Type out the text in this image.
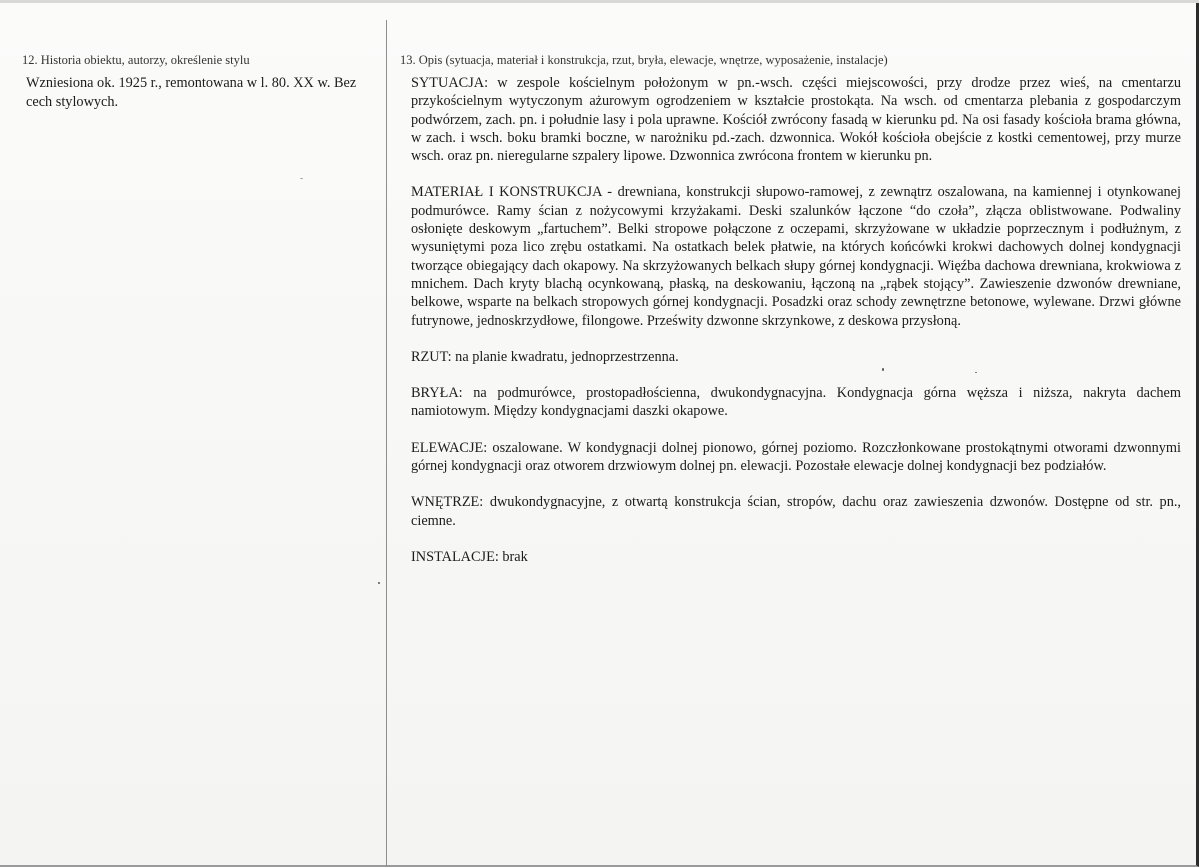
12. Historia obiektu, autorzy, określenie stylu

Wzniesiona ok. 1925 r., remontowana w l. 80. XX w. Bez cech stylowych.

13. Opis (sytuacja, materiał i konstrukcja, rzut, bryła, elewacje, wnętrze, wyposażenie, instalacje)

SYTUACJA: w zespole kościelnym położonym w pn.-wsch. części miejscowości, przy drodze przez wieś, na cmentarzu przykościelnym wytyczonym ażurowym ogrodzeniem w kształcie prostokąta. Na wsch. od cmentarza plebania z gospodarczym podwórzem, zach. pn. i południe lasy i pola uprawne. Kościół zwrócony fasadą w kierunku pd. Na osi fasady kościoła brama główna, w zach. i wsch. boku bramki boczne, w narożniku pd.-zach. dzwonnica. Wokół kościoła obejście z kostki cementowej, przy murze wsch. oraz pn. nieregularne szpalery lipowe. Dzwonnica zwrócona frontem w kierunku pn.

MATERIAŁ I KONSTRUKCJA - drewniana, konstrukcji słupowo-ramowej, z zewnątrz oszalowana, na kamiennej i otynkowanej podmurówce. Ramy ścian z nożycowymi krzyżakami. Deski szalunków łączone “do czoła”, złącza oblistwowane. Podwaliny osłonięte deskowym „fartuchem”. Belki stropowe połączone z oczepami, skrzyżowane w układzie poprzecznym i podłużnym, z wysuniętymi poza lico zrębu ostatkami. Na ostatkach belek płatwie, na których końcówki krokwi dachowych dolnej kondygnacji tworzące obiegający dach okapowy. Na skrzyżowanych belkach słupy górnej kondygnacji. Więźba dachowa drewniana, krokwiowa z mnichem. Dach kryty blachą ocynkowaną, płaską, na deskowaniu, łączoną na „rąbek stojący”. Zawieszenie dzwonów drewniane, belkowe, wsparte na belkach stropowych górnej kondygnacji. Posadzki oraz schody zewnętrzne betonowe, wylewane. Drzwi główne futrynowe, jednoskrzydłowe, filongowe. Prześwity dzwonne skrzynkowe, z deskowa przysłoną.

RZUT: na planie kwadratu, jednoprzestrzenna.

BRYŁA: na podmurówce, prostopadłościenna, dwukondygnacyjna. Kondygnacja górna węższa i niższa, nakryta dachem namiotowym. Między kondygnacjami daszki okapowe.

ELEWACJE: oszalowane. W kondygnacji dolnej pionowo, górnej poziomo. Rozczłonkowane prostokątnymi otworami dzwonnymi górnej kondygnacji oraz otworem drzwiowym dolnej pn. elewacji. Pozostałe elewacje dolnej kondygnacji bez podziałów.

WNĘTRZE: dwukondygnacyjne, z otwartą konstrukcja ścian, stropów, dachu oraz zawieszenia dzwonów. Dostępne od str. pn., ciemne.

INSTALACJE: brak
